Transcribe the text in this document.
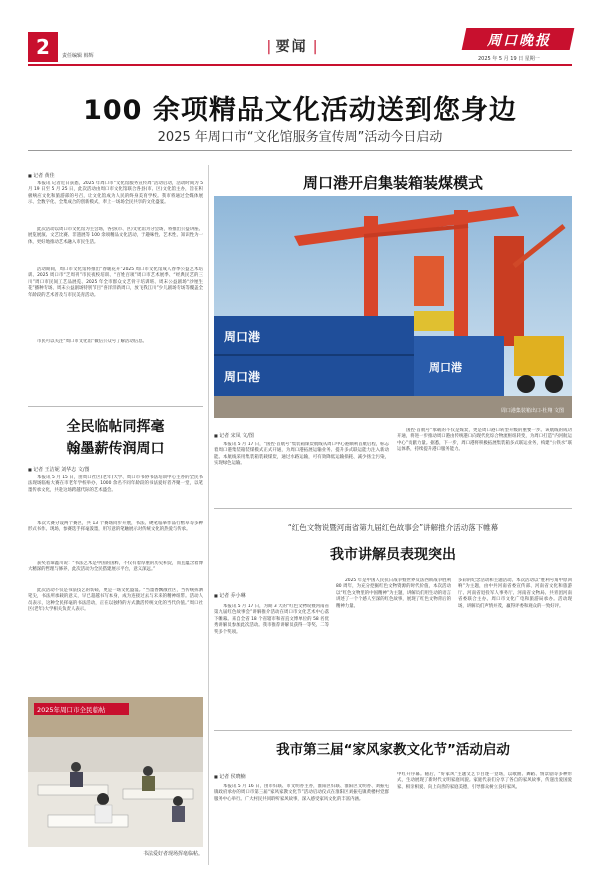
2	责任编辑 韩辉
| 要闻 |	周口晚报
2025 年 5 月 19 日 星期一
100 余项精品文化活动送到您身边
2025 年周口市“文化馆服务宣传周”活动今日启动
■ 记者 黄佳

本报讯 记者近日获悉，2025 年周口市“文化馆服务宣传周”活动启动，活动时间为 5 月 19 日至 5 月 25 日，此次活动由周口市文化馆联合各县(市、区)文化馆主办，旨在积极响应文化和旅游部的号召，让文化馆成为人民的终身美育学校。我市将通过全媒体展示、全数字化、全集成合的创新模式，奉上一场场全民共享的文化盛宴。

此次活动以周口市文化馆为主会场，各县(市、区)文化馆为分会场，将推出公益讲座、展览展演、文艺比赛、非遗展等 100 余项精品文化活动，于趣味性、艺术性、知识性为一体，更好地推动艺术融入市民生活。

活动期间，周口市文化馆将推出“春暖花开”2025 周口市文化馆成人春季公益艺术培训、2025 周口市“乏周刊”市民夜校培训、“百姓百项”周口市艺术展季、“经典民艺的三川”周口市民间工艺品展览、2025 年全市群众文艺骨干培训班、周末公益剧场“沙厘生花”播种专场、周末公益剧场特别节目“喜洋洋新周口，放飞我江川”少儿剧场专场等覆盖全年龄段的艺术普及与市民美育活动。

市民可以关注“周口市文化馆”微信公众号了解活动信息。

全民临帖同挥毫
翰墨薪传润周口
■ 记者 王洁妮 刘华志 文/图

本报讯 5 月 15 日，由周口社区(老年)大学、周口市书协书法培训中心主办的全民书法现场临帖大赛在市老年学校举办，1000 余名不同年龄段的书法爱好者齐聚一堂，以笔墨传承文化，共赴这场跨越代际的艺术盛会。

本次大赛分设两个赛区，共 13 个赛场同步开展，书法、硬笔临摹作品行楷草等多种形式书作。现场，参赛选手挥毫泼墨，用写意的笔触展示对传统文化的热爱与传承。

获奖者谭鑫川说：“书法艺术是中国的国粹，不仅有着厚重的历史积淀，而且蕴含着博大精深的哲理与修养，此次活动为全民搭建展示平台，意义深远。”

此次活动不仅是书法技艺的切磋，更是一场文化盛宴。“当墨香飘散社区，当传统挥洒笔尖，书法所承载的意义，早已超越书写本身，成为连接过去与未来的精神纽带。活动人员表示，这种全民挥毫的书法活动，正在以独特的方式激活传统文化的当代价值。”周口社区(老年)大学相关负责人表示。

2025年周口市全民临帖
书法爱好者现场挥毫临帖。
周口港开启集装箱装煤模式
周口港
周口港
周口港
周口港集装箱出口·杜翔 文图
■ 记者 宋凤 文/图
本报讯 5 月 17 日，“国控·首航号”集装箱煤炭航线从周口中心港顺利首航启程，标志着周口港集装箱装煤模式正式开通，为周口港拓展运输业务、提升多式联运能力注入新动能。本航线采用集装箱装载煤炭，通过水路运输，可有效降低运输损耗、减少扬尘污染，实现绿色运输。
国控·首航号“承载的不仅是煤炭，更是周口港口转型升级的重要一步。该航线的成功开通，将进一步推动周口港由传统港口向现代化综合物流枢纽转变，为周口打造“内河航运中心”贡献力量。据悉，下一步，周口港将积极拓展集装箱多式联运业务，构建“公铁水”联运体系，持续提升港口服务能力。
“红色文物说暨河南省第九届红色故事会”讲解推介活动落下帷幕
我市讲解员表现突出
■ 记者 乔小琳
本报讯 5 月 17 日，为期 3 天的“红色文物说暨河南省第九届红色故事会”讲解推介活动在周口市文化艺术中心落下帷幕。来自全省 18 个省辖市和省直文博单位的 58 名优秀讲解员参加此次活动。我市推荐讲解员获得一等奖、二等奖多个奖项。
2025 年是中国人民抗日战争暨世界反法西斯战争胜利 80 周年，为充分挖掘红色文物资源的时代价值，本次活动以“红色文物里的中国精神”为主题，讲解员们用生动的语言讲述了一个个感人至深的红色故事，展现了红色文物背后的精神力量。
多彩的纪念活动和主题活动。本次活动以“胜利号角中原回响”为主题，由中共河南省委宣传部、河南省文化和旅游厅、河南省退役军人事务厅、河南省文物局、共青团河南省委联合主办。周口市文化广电和旅游局承办。活动现场，讲解员们声情并茂，赢得评委和观众的一致好评。
我市第三届“家风家教文化节”活动启动
■ 记者 侯晓楠
本报讯 5 月 16 日，由市妇联、市文明办主办，淮阳区妇联、淮阳区文明办、刘振屯镇政府承办的周口市第三届“家风家教文化节”活动启动仪式在淮阳区刘振屯镇黄楼村党群服务中心举行。广大村民共同聆听家风故事，深入感受家风文化的丰富内涵。
中红开序幕。随后，“好家风”主题文艺节目逐一登场，以歌曲、舞蹈、情景剧等多种形式，生动展现了新时代文明家庭风貌。家庭代表们分享了各自的家风故事，传递出爱国爱家、相亲相爱、向上向善的家庭美德，引导群众树立良好家风。
